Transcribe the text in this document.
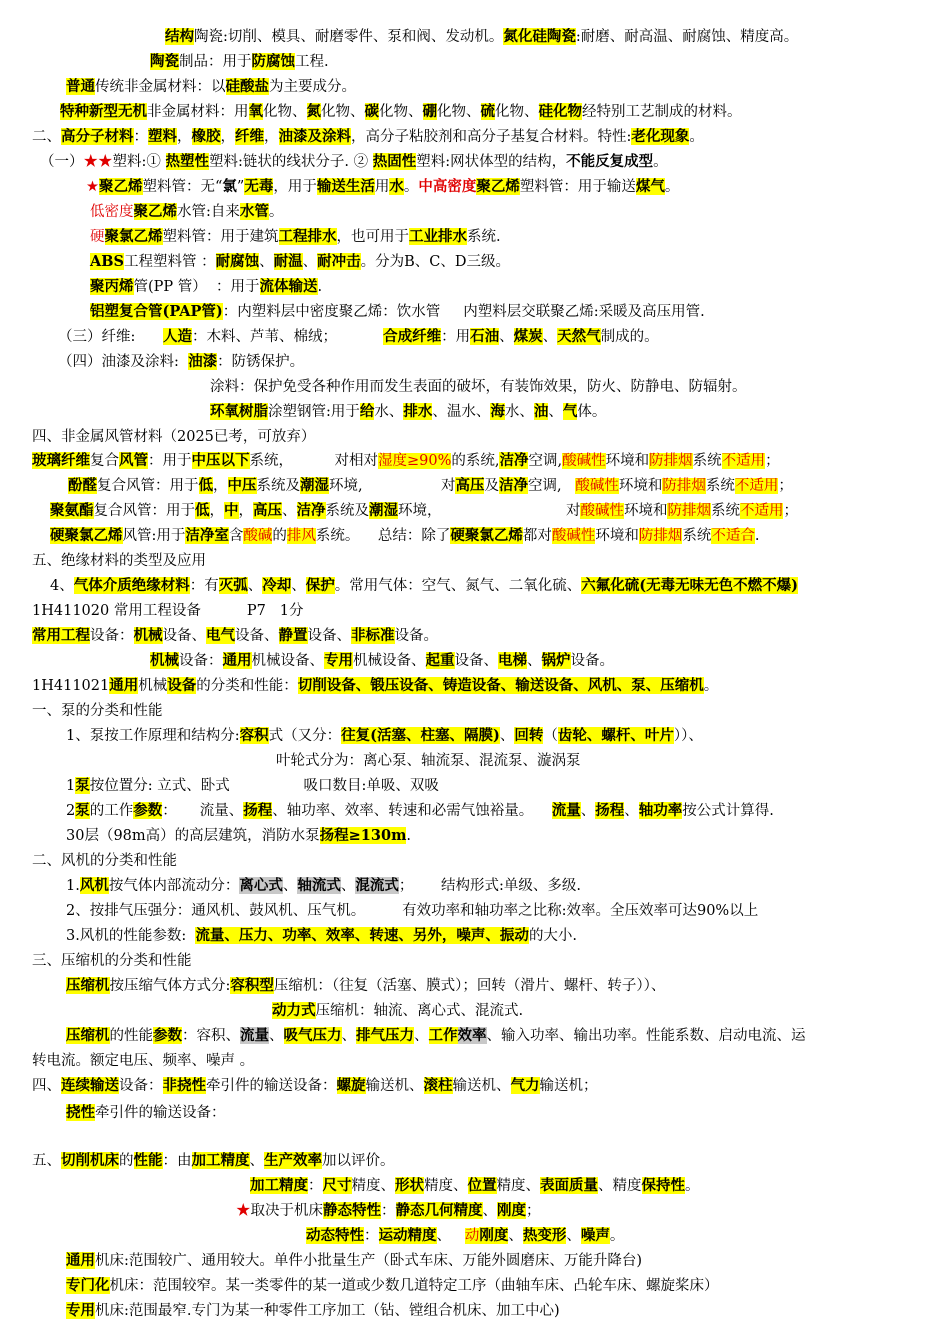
结构陶瓷:切削、模具、耐磨零件、泵和阀、发动机。氮化硅陶瓷:耐磨、耐高温、耐腐蚀、精度高。
陶瓷制品：用于防腐蚀工程.
普通传统非金属材料：以硅酸盐为主要成分。
特种新型无机非金属材料：用氧化物、氮化物、碳化物、硼化物、硫化物、硅化物经特别工艺制成的材料。
二、高分子材料：塑料，橡胶，纤维，油漆及涂料，高分子粘胶剂和高分子基复合材料。特性:老化现象。
（一）★★塑料:① 热塑性塑料:链状的线状分子. ② 热固性塑料:网状体型的结构，不能反复成型。
★聚乙烯塑料管：无“氯”无毒，用于输送生活用水。中高密度聚乙烯塑料管：用于输送煤气。
低密度聚乙烯水管:自来水管。
硬聚氯乙烯塑料管：用于建筑工程排水，也可用于工业排水系统.
ABS工程塑料管 ：耐腐蚀、耐温、耐冲击。分为B、C、D三级。
聚丙烯管(PP 管）  ：用于流体输送.
铝塑复合管(PAP管)：内塑料层中密度聚乙烯：饮水管     内塑料层交联聚乙烯:采暖及高压用管.
（三）纤维:      人造：木料、芦苇、棉绒；          合成纤维：用石油、煤炭、天然气制成的。
（四）油漆及涂料:  油漆：防锈保护。
涂料：保护免受各种作用而发生表面的破坏，有装饰效果，防火、防静电、防辐射。
环氧树脂涂塑钢管:用于给水、排水、温水、海水、油、气体。
四、非金属风管材料（2025已考，可放弃）
玻璃纤维复合风管：用于中压以下系统，         对相对湿度≥90%的系统,洁净空调,酸碱性环境和防排烟系统不适用；
酚醛复合风管：用于低，中压系统及潮湿环境,                 对高压及洁净空调,   酸碱性环境和防排烟系统不适用；
聚氨酯复合风管：用于低，中，高压、洁净系统及潮湿环境，                           对酸碱性环境和防排烟系统不适用；
硬聚氯乙烯风管:用于洁净室含酸碱的排风系统。    总结：除了硬聚氯乙烯都对酸碱性环境和防排烟系统不适合.
五、绝缘材料的类型及应用
4、气体介质绝缘材料：有灭弧、冷却、保护。常用气体：空气、氮气、二氧化硫、六氟化硫(无毒无味无色不燃不爆)
1H411020 常用工程设备          P7   1分
常用工程设备：机械设备、电气设备、静置设备、非标准设备。
机械设备：通用机械设备、专用机械设备、起重设备、电梯、锅炉设备。
1H411021通用机械设备的分类和性能：切削设备、锻压设备、铸造设备、输送设备、风机、泵、压缩机。
一、泵的分类和性能
1、泵按工作原理和结构分:容积式（又分：往复(活塞、柱塞、隔膜)、回转（齿轮、螺杆、叶片））、
叶轮式分为：离心泵、轴流泵、混流泵、漩涡泵
1泵按位置分: 立式、卧式                吸口数目:单吸、双吸
2泵的工作参数：     流量、扬程、轴功率、效率、转速和必需气蚀裕量。    流量、扬程、轴功率按公式计算得.
30层（98m高）的高层建筑，消防水泵扬程≥130m.
二、风机的分类和性能
1.风机按气体内部流动分：离心式、轴流式、混流式；      结构形式:单级、多级.
2、按排气压强分：通风机、鼓风机、压气机。        有效功率和轴功率之比称:效率。全压效率可达90%以上
3.风机的性能参数:  流量、压力、功率、效率、转速、另外，噪声、振动的大小.
三、压缩机的分类和性能
压缩机按压缩气体方式分:容积型压缩机：（往复（活塞、膜式）；回转（滑片、螺杆、转子））、
动力式压缩机：轴流、离心式、混流式.
压缩机的性能参数：容积、流量、吸气压力、排气压力、工作效率、输入功率、输出功率。性能系数、启动电流、运
转电流。额定电压、频率、噪声 。
四、连续输送设备：非挠性牵引件的输送设备：螺旋输送机、滚柱输送机、气力输送机；
挠性牵引件的输送设备：
五、切削机床的性能：由加工精度、生产效率加以评价。
加工精度：尺寸精度、形状精度、位置精度、表面质量、精度保持性。
★取决于机床静态特性：静态几何精度、刚度；
动态特性：运动精度、   动刚度、热变形、噪声。
通用机床:范围较广、通用较大。单件小批量生产（卧式车床、万能外圆磨床、万能升降台)
专门化机床：范围较窄。某一类零件的某一道或少数几道特定工序（曲轴车床、凸轮车床、螺旋桨床）
专用机床:范围最窄.专门为某一种零件工序加工（钻、镗组合机床、加工中心)
